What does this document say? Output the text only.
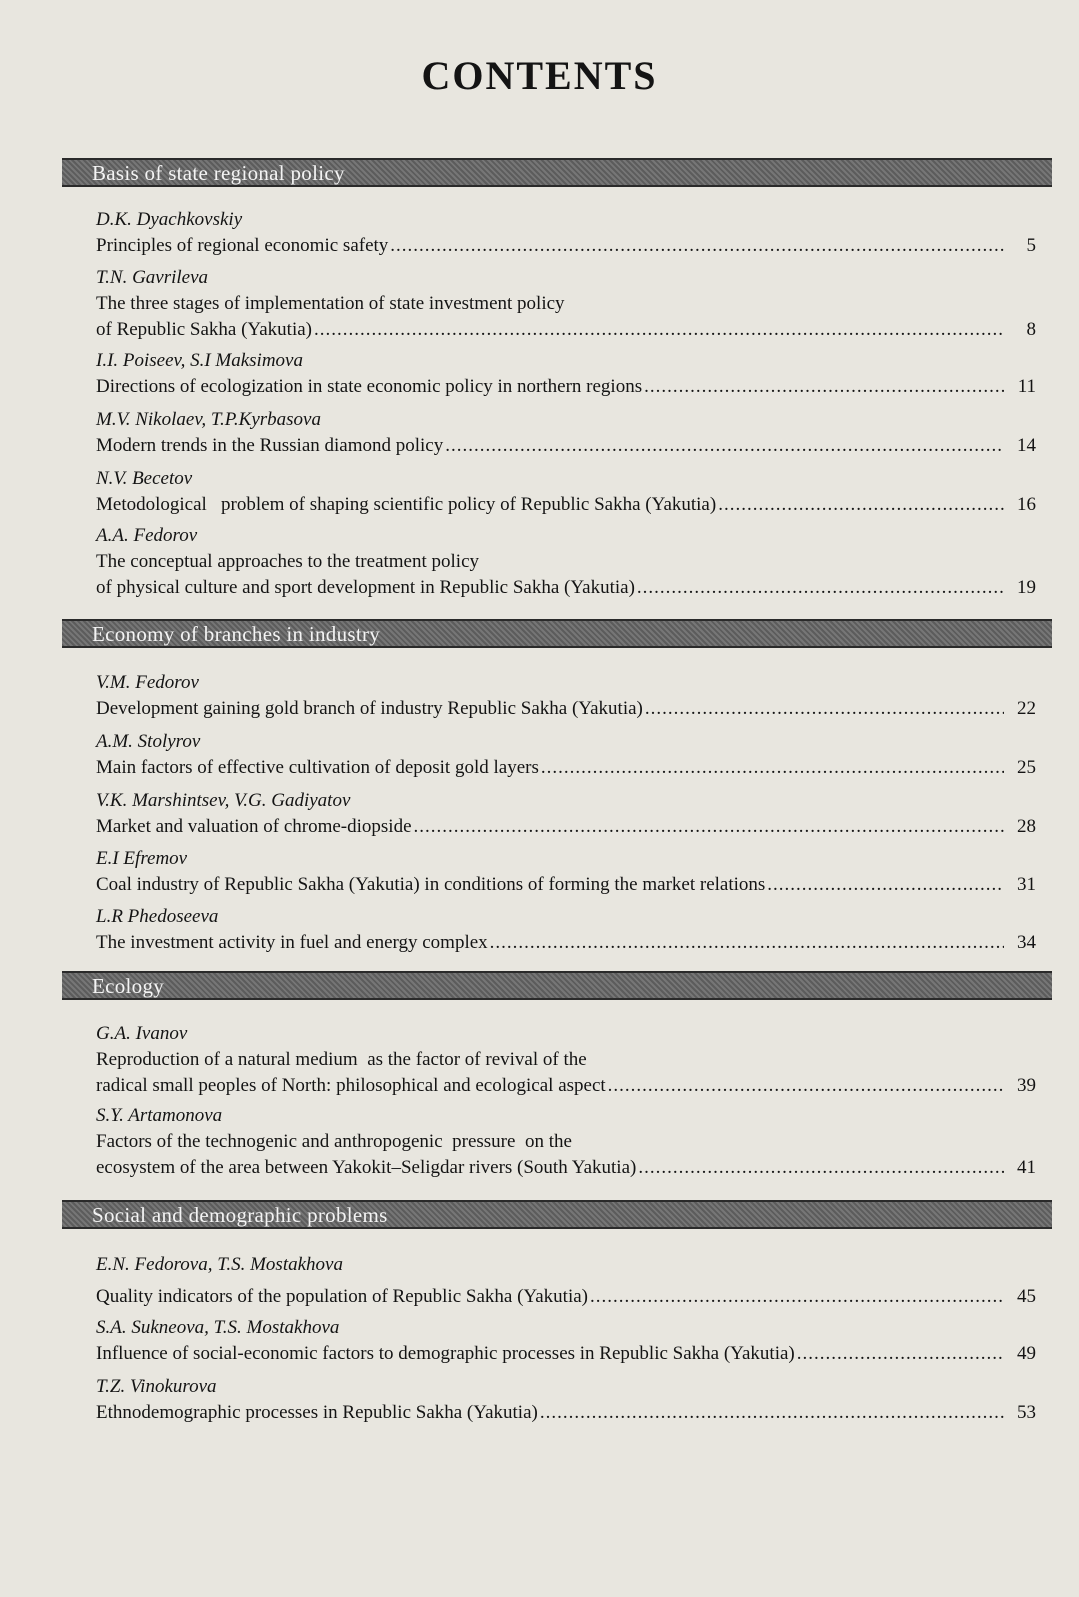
CONTENTS
Basis of state regional policy
D.K. Dyachkovskiy
Principles of regional economic safety .....	5
T.N. Gavrileva
The three stages of implementation of state investment policy
of Republic Sakha (Yakutia) .....	8
I.I. Poiseev, S.I Maksimova
Directions of ecologization in state economic policy in northern regions .....	11
M.V. Nikolaev, T.P.Kyrbasova
Modern trends in the Russian diamond policy .....	14
N.V. Becetov
Metodological   problem of shaping scientific policy of Republic Sakha (Yakutia) .....	16
A.A. Fedorov
The conceptual approaches to the treatment policy
of physical culture and sport development in Republic Sakha (Yakutia) .....	19
Economy of branches in industry
V.M. Fedorov
Development gaining gold branch of industry Republic Sakha (Yakutia) .....	22
A.M. Stolyrov
Main factors of effective cultivation of deposit gold layers .....	25
V.K. Marshintsev, V.G. Gadiyatov
Market and valuation of chrome-diopside .....	28
E.I Efremov
Coal industry of Republic Sakha (Yakutia) in conditions of forming the market relations .....	31
L.R Phedoseeva
The investment activity in fuel and energy complex .....	34
Ecology
G.A. Ivanov
Reproduction of a natural medium  as the factor of revival of the
radical small peoples of North: philosophical and ecological aspect .....	39
S.Y. Artamonova
Factors of the technogenic and anthropogenic  pressure  on the
ecosystem of the area between Yakokit–Seligdar rivers (South Yakutia) .....	41
Social and demographic problems
E.N. Fedorova, T.S. Mostakhova
Quality indicators of the population of Republic Sakha (Yakutia) .....	45
S.A. Sukneova, T.S. Mostakhova
Influence of social-economic factors to demographic processes in Republic Sakha (Yakutia) .....	49
T.Z. Vinokurova
Ethnodemographic processes in Republic Sakha (Yakutia) .....	53
